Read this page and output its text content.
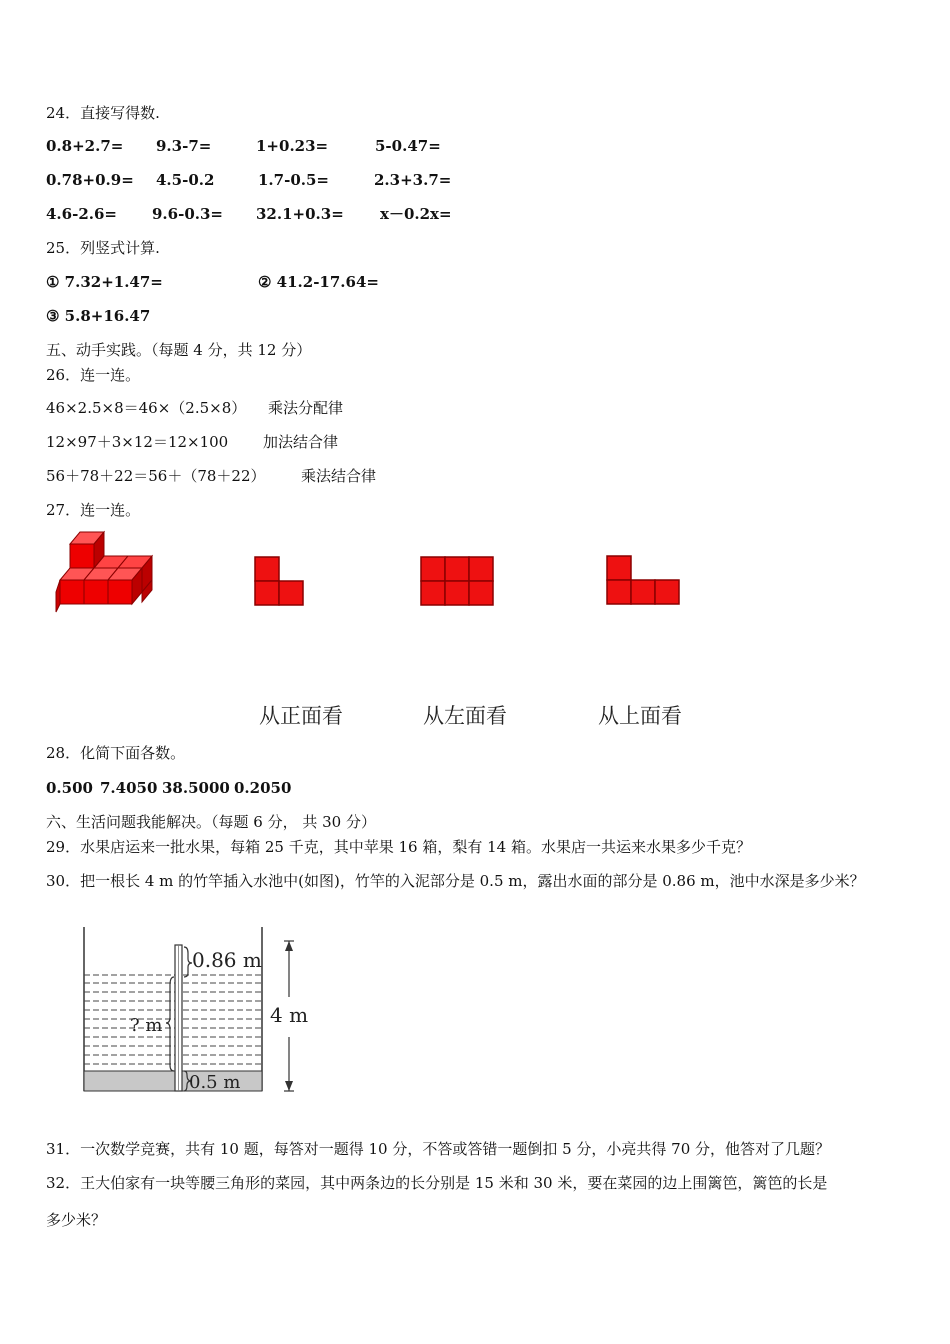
24．直接写得数.
0.8+2.7= 9.3-7=	1+0.23=	5-0.47=
0.78+0.9= 4.5-0.2	1.7-0.5=	2.3+3.7=
4.6-2.6= 9.6-0.3= 32.1+0.3= x－0.2x=
25．列竖式计算.
① 7.32+1.47=	② 41.2-17.64=
③ 5.8+16.47
五、动手实践。（每题 4 分，共 12 分）
26．连一连。
46×2.5×8＝46×（2.5×8） 乘法分配律
12×97＋3×12＝12×100 加法结合律
56＋78＋22＝56＋（78＋22） 乘法结合律
27．连一连。
从正面看	从左面看	从上面看
28．化简下面各数。
0.500 7.4050 38.5000 0.2050
六、生活问题我能解决。（每题 6 分， 共 30 分）
29．水果店运来一批水果，每箱 25 千克，其中苹果 16 箱，梨有 14 箱。水果店一共运来水果多少千克？
30．把一根长 4 m 的竹竿插入水池中(如图)，竹竿的入泥部分是 0.5 m，露出水面的部分是 0.86 m，池中水深是多少米？
0.86 m
? m	4 m
0.5 m
31．一次数学竞赛，共有 10 题，每答对一题得 10 分，不答或答错一题倒扣 5 分，小亮共得 70 分，他答对了几题？
32．王大伯家有一块等腰三角形的菜园，其中两条边的长分别是 15 米和 30 米，要在菜园的边上围篱笆，篱笆的长是
多少米？
